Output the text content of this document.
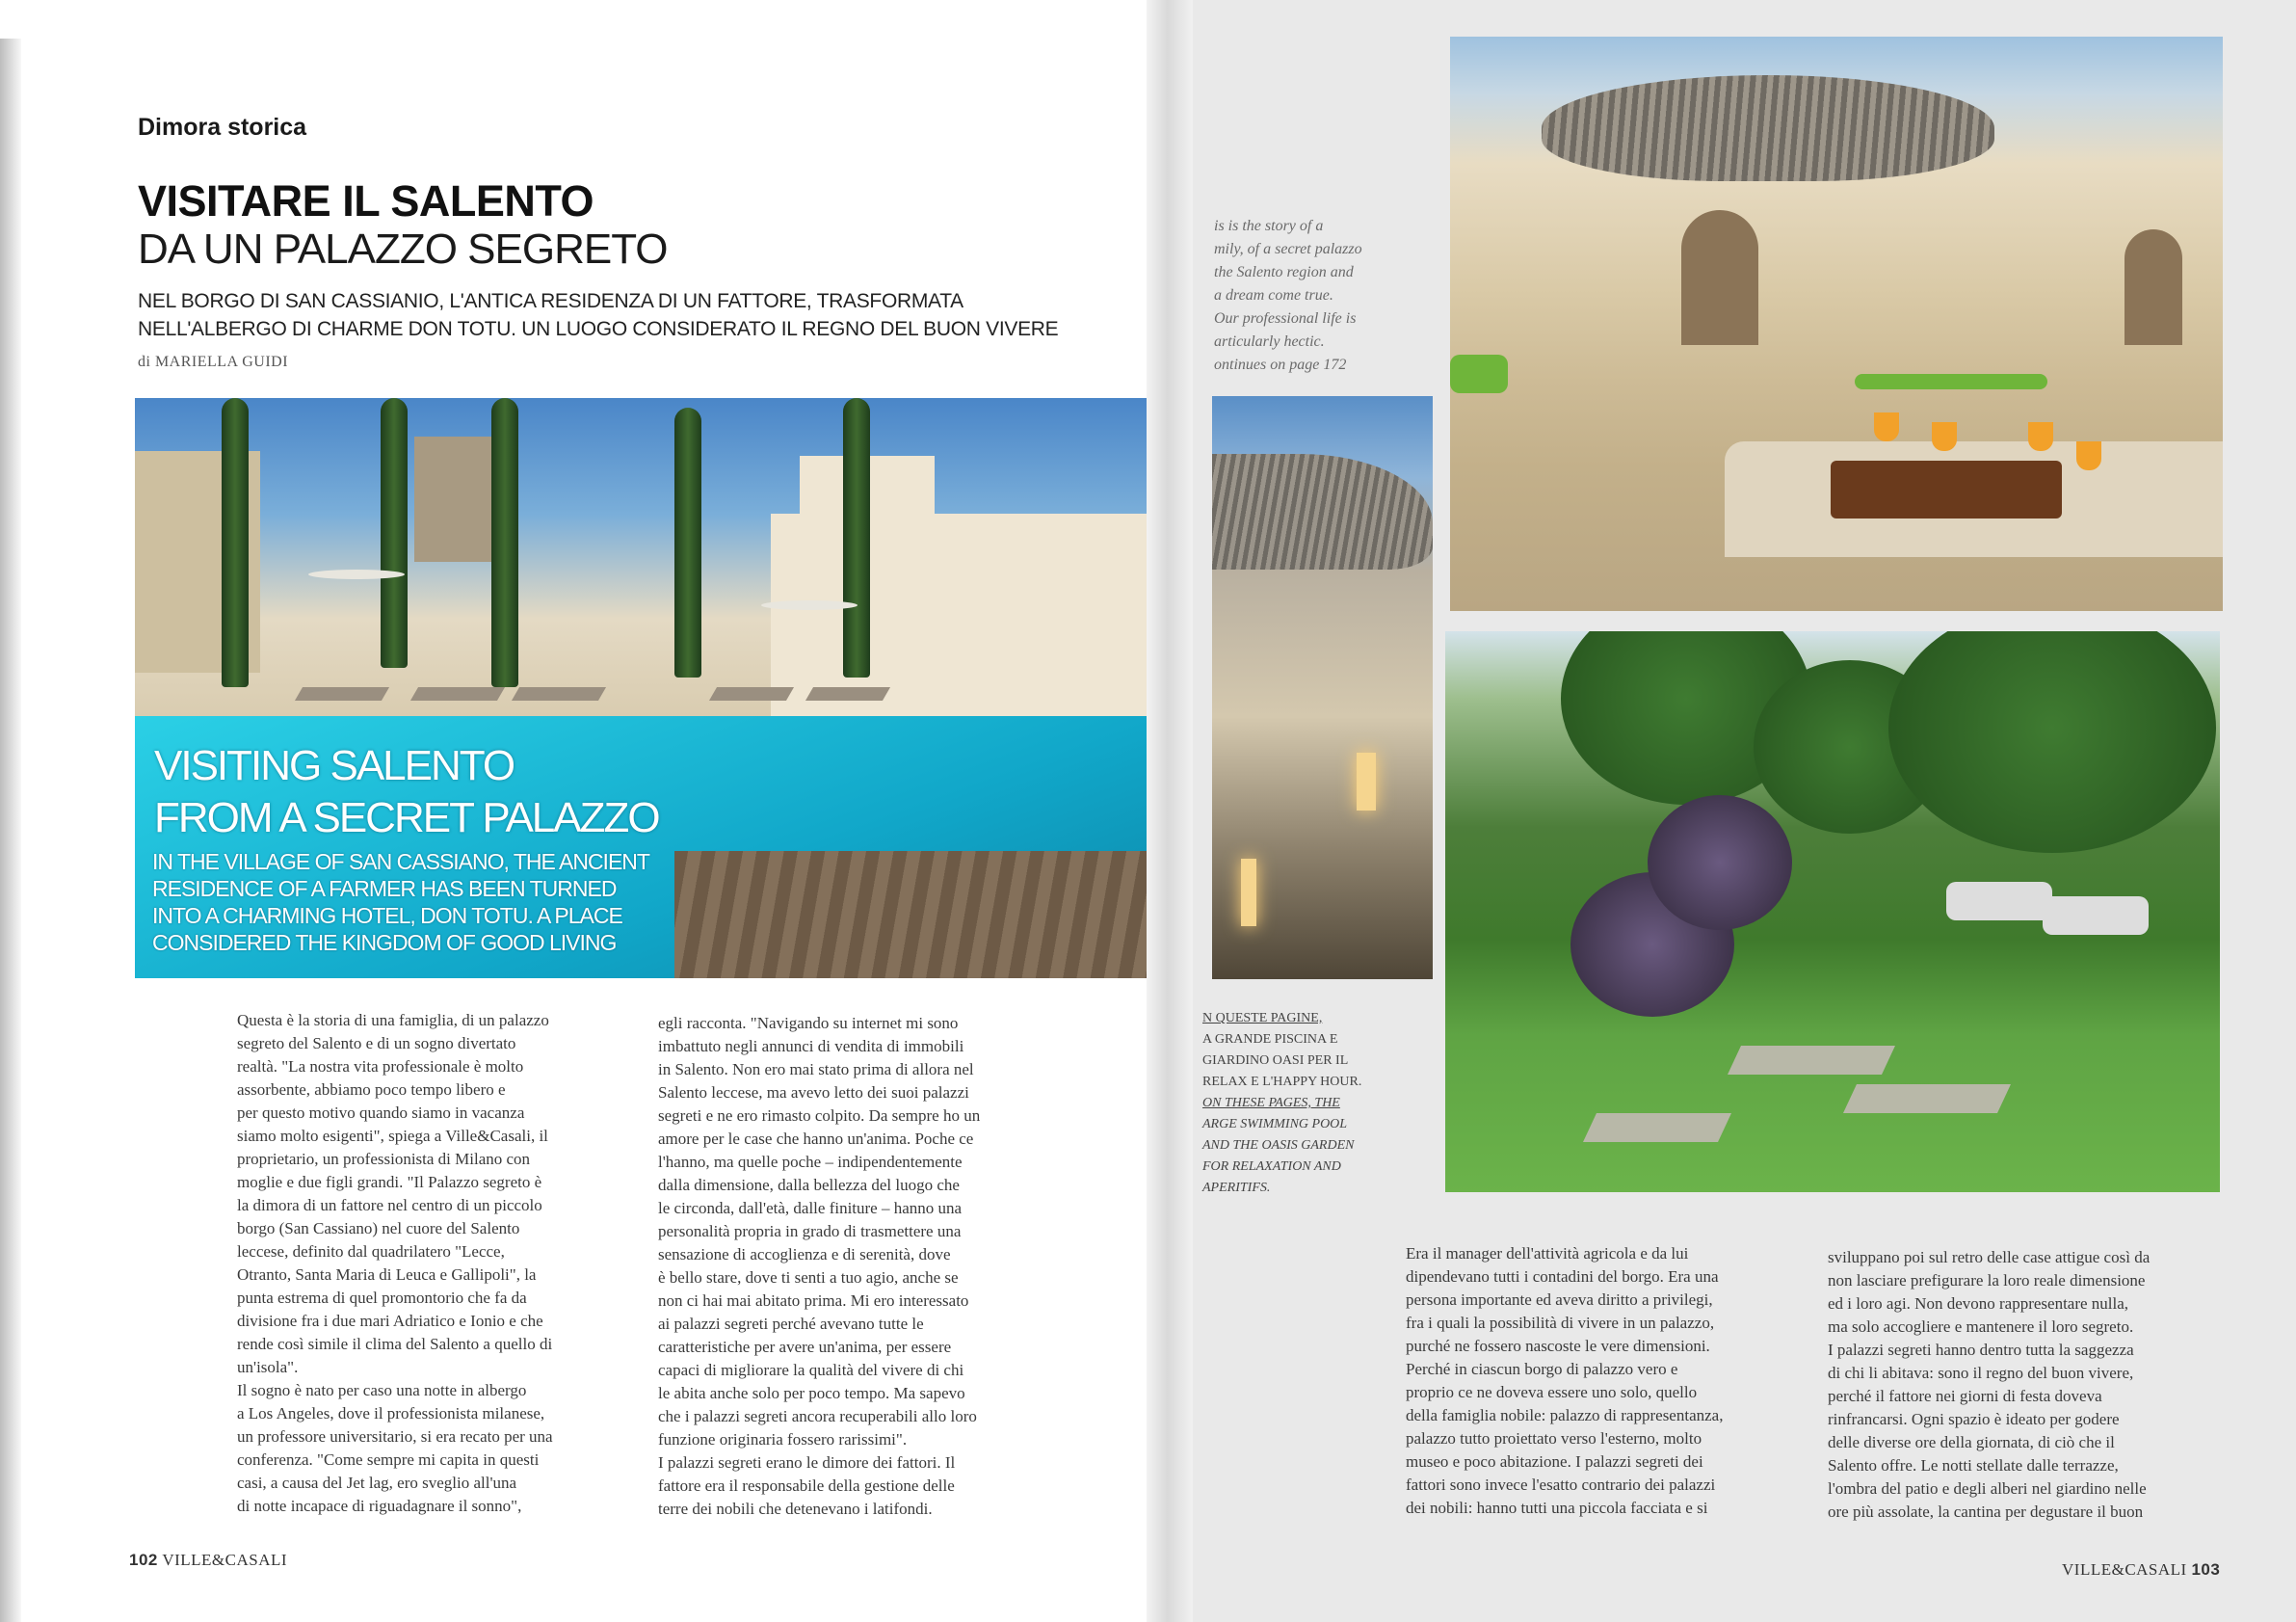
Dimora storica
VISITARE IL SALENTO
DA UN PALAZZO SEGRETO
NEL BORGO DI SAN CASSIANIO, L'ANTICA RESIDENZA DI UN FATTORE, TRASFORMATA
NELL'ALBERGO DI CHARME DON TOTU. UN LUOGO CONSIDERATO IL REGNO DEL BUON VIVERE
di MARIELLA GUIDI
VISITING SALENTO
FROM A SECRET PALAZZO
IN THE VILLAGE OF SAN CASSIANO, THE ANCIENT
RESIDENCE OF A FARMER HAS BEEN TURNED
INTO A CHARMING HOTEL, DON TOTU. A PLACE
CONSIDERED THE KINGDOM OF GOOD LIVING

Questa è la storia di una famiglia, di un palazzo
segreto del Salento e di un sogno divertato
realtà. "La nostra vita professionale è molto
assorbente, abbiamo poco tempo libero e
per questo motivo quando siamo in vacanza
siamo molto esigenti", spiega a Ville&Casali, il
proprietario, un professionista di Milano con
moglie e due figli grandi. "Il Palazzo segreto è
la dimora di un fattore nel centro di un piccolo
borgo (San Cassiano) nel cuore del Salento
leccese, definito dal quadrilatero "Lecce,
Otranto, Santa Maria di Leuca e Gallipoli", la
punta estrema di quel promontorio che fa da
divisione fra i due mari Adriatico e Ionio e che
rende così simile il clima del Salento a quello di
un'isola".
Il sogno è nato per caso una notte in albergo
a Los Angeles, dove il professionista milanese,
un professore universitario, si era recato per una
conferenza. "Come sempre mi capita in questi
casi, a causa del Jet lag, ero sveglio all'una
di notte incapace di riguadagnare il sonno",

egli racconta. "Navigando su internet mi sono
imbattuto negli annunci di vendita di immobili
in Salento. Non ero mai stato prima di allora nel
Salento leccese, ma avevo letto dei suoi palazzi
segreti e ne ero rimasto colpito. Da sempre ho un
amore per le case che hanno un'anima. Poche ce
l'hanno, ma quelle poche – indipendentemente
dalla dimensione, dalla bellezza del luogo che
le circonda, dall'età, dalle finiture – hanno una
personalità propria in grado di trasmettere una
sensazione di accoglienza e di serenità, dove
è bello stare, dove ti senti a tuo agio, anche se
non ci hai mai abitato prima. Mi ero interessato
ai palazzi segreti perché avevano tutte le
caratteristiche per avere un'anima, per essere
capaci di migliorare la qualità del vivere di chi
le abita anche solo per poco tempo. Ma sapevo
che i palazzi segreti ancora recuperabili allo loro
funzione originaria fossero rarissimi".
I palazzi segreti erano le dimore dei fattori. Il
fattore era il responsabile della gestione delle
terre dei nobili che detenevano i latifondi.

102 VILLE&CASALI
is is the story of a
mily, of a secret palazzo
the Salento region and
a dream come true.
Our professional life is
articularly hectic.
ontinues on page 172
N QUESTE PAGINE,
A GRANDE PISCINA E
GIARDINO OASI PER IL
RELAX E L'HAPPY HOUR.
ON THESE PAGES, THE
ARGE SWIMMING POOL
AND THE OASIS GARDEN
FOR RELAXATION AND
APERITIFS.

Era il manager dell'attività agricola e da lui
dipendevano tutti i contadini del borgo. Era una
persona importante ed aveva diritto a privilegi,
fra i quali la possibilità di vivere in un palazzo,
purché ne fossero nascoste le vere dimensioni.
Perché in ciascun borgo di palazzo vero e
proprio ce ne doveva essere uno solo, quello
della famiglia nobile: palazzo di rappresentanza,
palazzo tutto proiettato verso l'esterno, molto
museo e poco abitazione. I palazzi segreti dei
fattori sono invece l'esatto contrario dei palazzi
dei nobili: hanno tutti una piccola facciata e si

sviluppano poi sul retro delle case attigue così da
non lasciare prefigurare la loro reale dimensione
ed i loro agi. Non devono rappresentare nulla,
ma solo accogliere e mantenere il loro segreto.
I palazzi segreti hanno dentro tutta la saggezza
di chi li abitava: sono il regno del buon vivere,
perché il fattore nei giorni di festa doveva
rinfrancarsi. Ogni spazio è ideato per godere
delle diverse ore della giornata, di ciò che il
Salento offre. Le notti stellate dalle terrazze,
l'ombra del patio e degli alberi nel giardino nelle
ore più assolate, la cantina per degustare il buon

VILLE&CASALI 103
